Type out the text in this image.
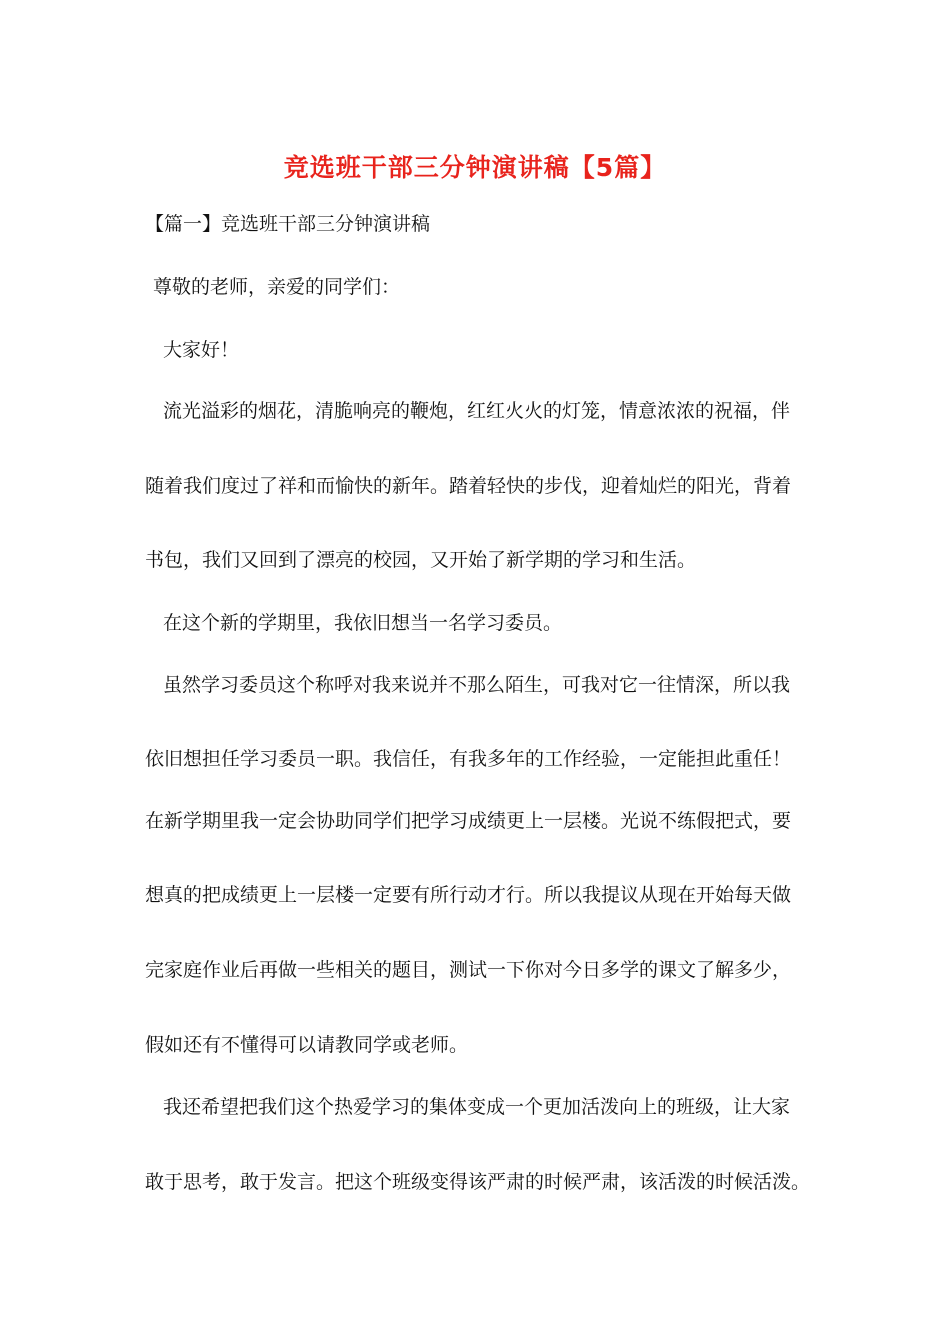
竞选班干部三分钟演讲稿【5篇】
【篇一】竞选班干部三分钟演讲稿
尊敬的老师，亲爱的同学们：
大家好！
流光溢彩的烟花，清脆响亮的鞭炮，红红火火的灯笼，情意浓浓的祝福，伴
随着我们度过了祥和而愉快的新年。踏着轻快的步伐，迎着灿烂的阳光，背着
书包，我们又回到了漂亮的校园，又开始了新学期的学习和生活。
在这个新的学期里，我依旧想当一名学习委员。
虽然学习委员这个称呼对我来说并不那么陌生，可我对它一往情深，所以我
依旧想担任学习委员一职。我信任，有我多年的工作经验，一定能担此重任！
在新学期里我一定会协助同学们把学习成绩更上一层楼。光说不练假把式，要
想真的把成绩更上一层楼一定要有所行动才行。所以我提议从现在开始每天做
完家庭作业后再做一些相关的题目，测试一下你对今日多学的课文了解多少，
假如还有不懂得可以请教同学或老师。
我还希望把我们这个热爱学习的集体变成一个更加活泼向上的班级，让大家
敢于思考，敢于发言。把这个班级变得该严肃的时候严肃，该活泼的时候活泼。
